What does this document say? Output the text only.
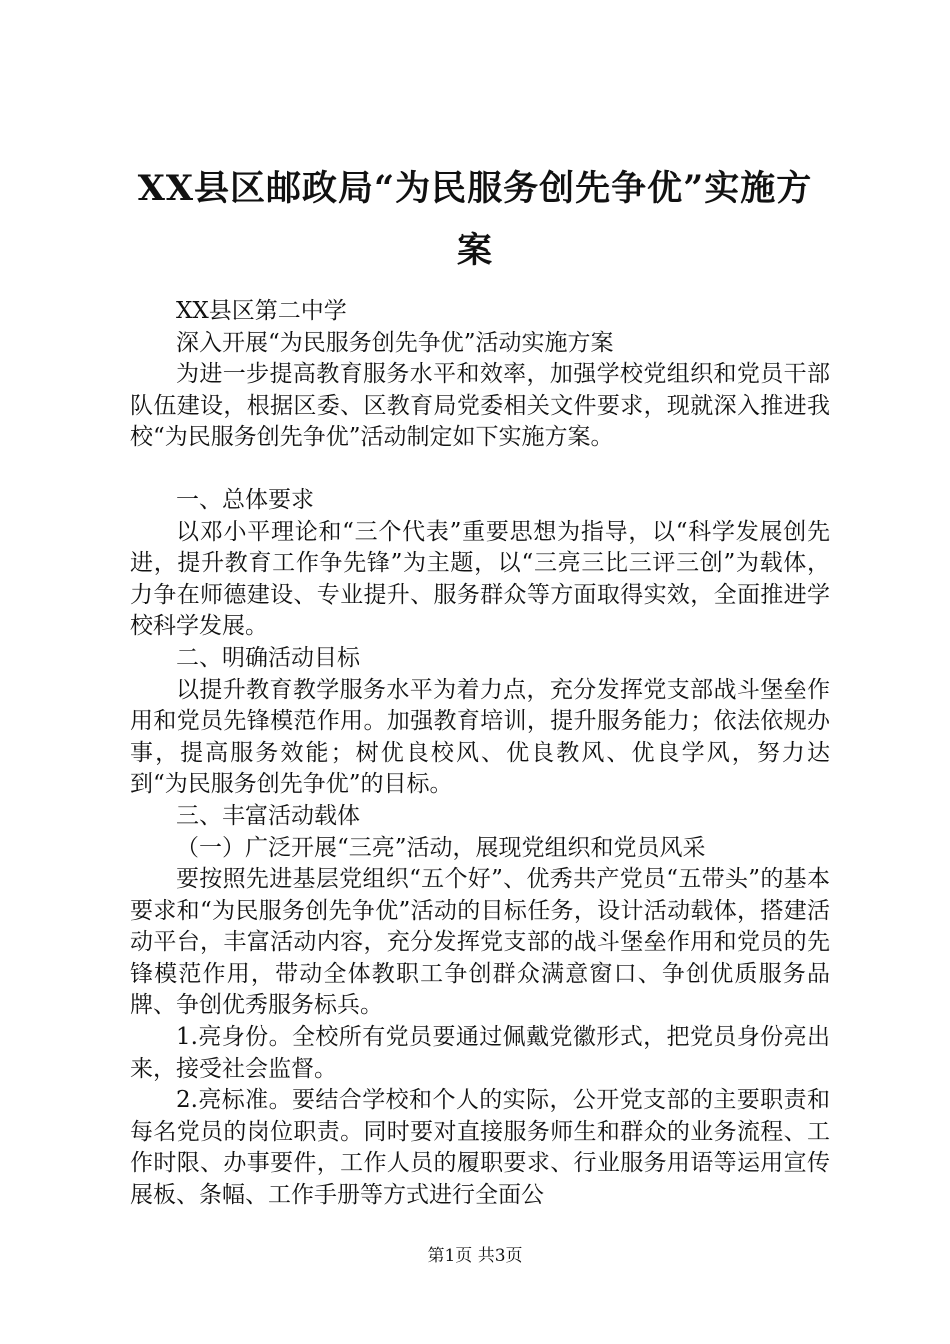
XX县区邮政局“为民服务创先争优”实施方案

XX县区第二中学

深入开展“为民服务创先争优”活动实施方案

为进一步提高教育服务水平和效率，加强学校党组织和党员干部队伍建设，根据区委、区教育局党委相关文件要求，现就深入推进我校“为民服务创先争优”活动制定如下实施方案。

一、总体要求

以邓小平理论和“三个代表”重要思想为指导，以“科学发展创先进，提升教育工作争先锋”为主题，以“三亮三比三评三创”为载体，力争在师德建设、专业提升、服务群众等方面取得实效，全面推进学校科学发展。

二、明确活动目标

以提升教育教学服务水平为着力点，充分发挥党支部战斗堡垒作用和党员先锋模范作用。加强教育培训，提升服务能力；依法依规办事，提高服务效能；树优良校风、优良教风、优良学风，努力达到“为民服务创先争优”的目标。

三、丰富活动载体

（一）广泛开展“三亮”活动，展现党组织和党员风采

要按照先进基层党组织“五个好”、优秀共产党员“五带头”的基本要求和“为民服务创先争优”活动的目标任务，设计活动载体，搭建活动平台，丰富活动内容，充分发挥党支部的战斗堡垒作用和党员的先锋模范作用，带动全体教职工争创群众满意窗口、争创优质服务品牌、争创优秀服务标兵。

1.亮身份。全校所有党员要通过佩戴党徽形式，把党员身份亮出来，接受社会监督。

2.亮标准。要结合学校和个人的实际，公开党支部的主要职责和每名党员的岗位职责。同时要对直接服务师生和群众的业务流程、工作时限、办事要件，工作人员的履职要求、行业服务用语等运用宣传展板、条幅、工作手册等方式进行全面公

第1页 共3页
